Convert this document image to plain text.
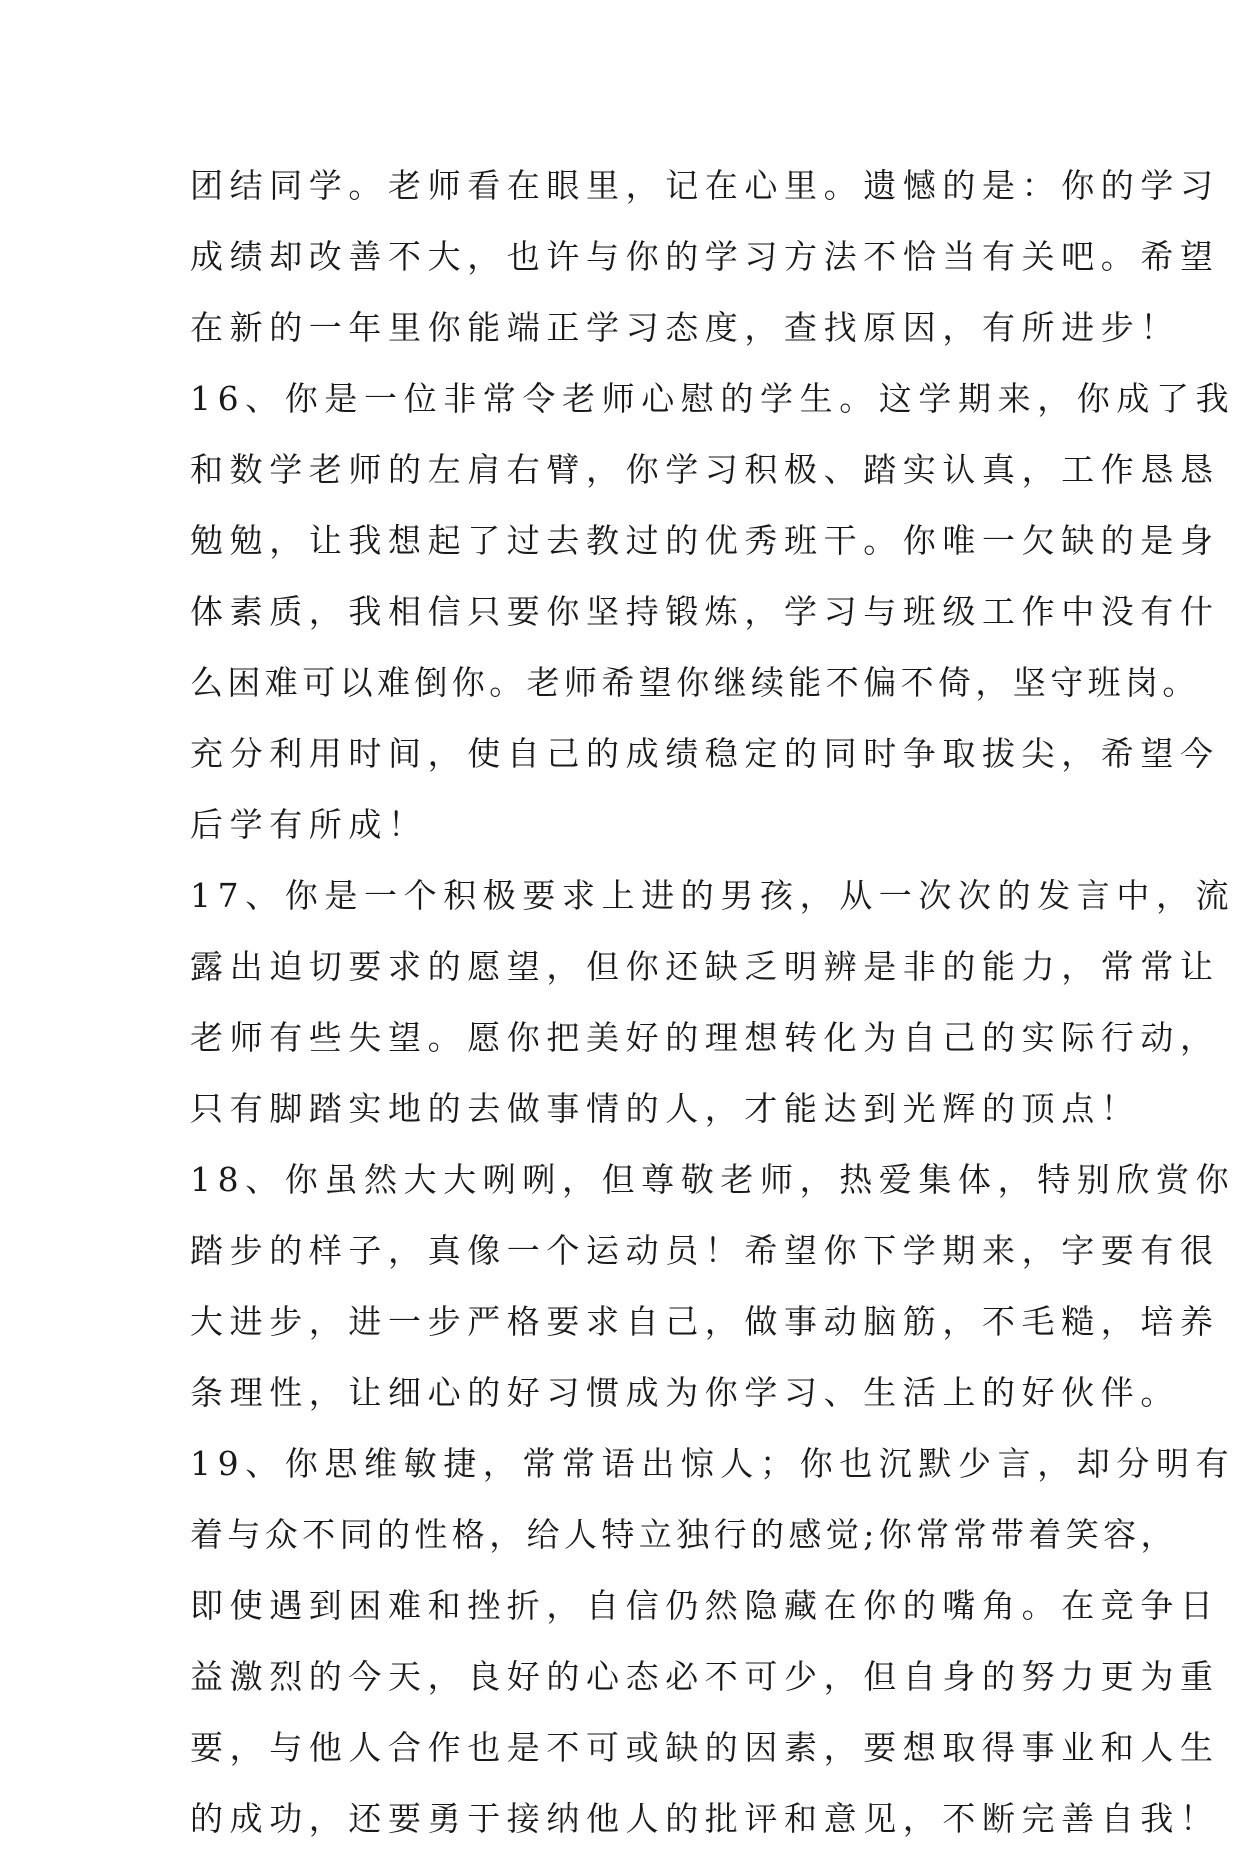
团结同学。老师看在眼里，记在心里。遗憾的是：你的学习
成绩却改善不大，也许与你的学习方法不恰当有关吧。希望
在新的一年里你能端正学习态度，查找原因，有所进步！
16、你是一位非常令老师心慰的学生。这学期来，你成了我
和数学老师的左肩右臂，你学习积极、踏实认真，工作恳恳
勉勉，让我想起了过去教过的优秀班干。你唯一欠缺的是身
体素质，我相信只要你坚持锻炼，学习与班级工作中没有什
么困难可以难倒你。老师希望你继续能不偏不倚，坚守班岗。
充分利用时间，使自己的成绩稳定的同时争取拔尖，希望今
后学有所成！
17、你是一个积极要求上进的男孩，从一次次的发言中，流
露出迫切要求的愿望，但你还缺乏明辨是非的能力，常常让
老师有些失望。愿你把美好的理想转化为自己的实际行动，
只有脚踏实地的去做事情的人，才能达到光辉的顶点！
18、你虽然大大咧咧，但尊敬老师，热爱集体，特别欣赏你
踏步的样子，真像一个运动员！希望你下学期来，字要有很
大进步，进一步严格要求自己，做事动脑筋，不毛糙，培养
条理性，让细心的好习惯成为你学习、生活上的好伙伴。
19、你思维敏捷，常常语出惊人；你也沉默少言，却分明有
着与众不同的性格，给人特立独行的感觉;你常常带着笑容，
即使遇到困难和挫折，自信仍然隐藏在你的嘴角。在竞争日
益激烈的今天，良好的心态必不可少，但自身的努力更为重
要，与他人合作也是不可或缺的因素，要想取得事业和人生
的成功，还要勇于接纳他人的批评和意见，不断完善自我！
